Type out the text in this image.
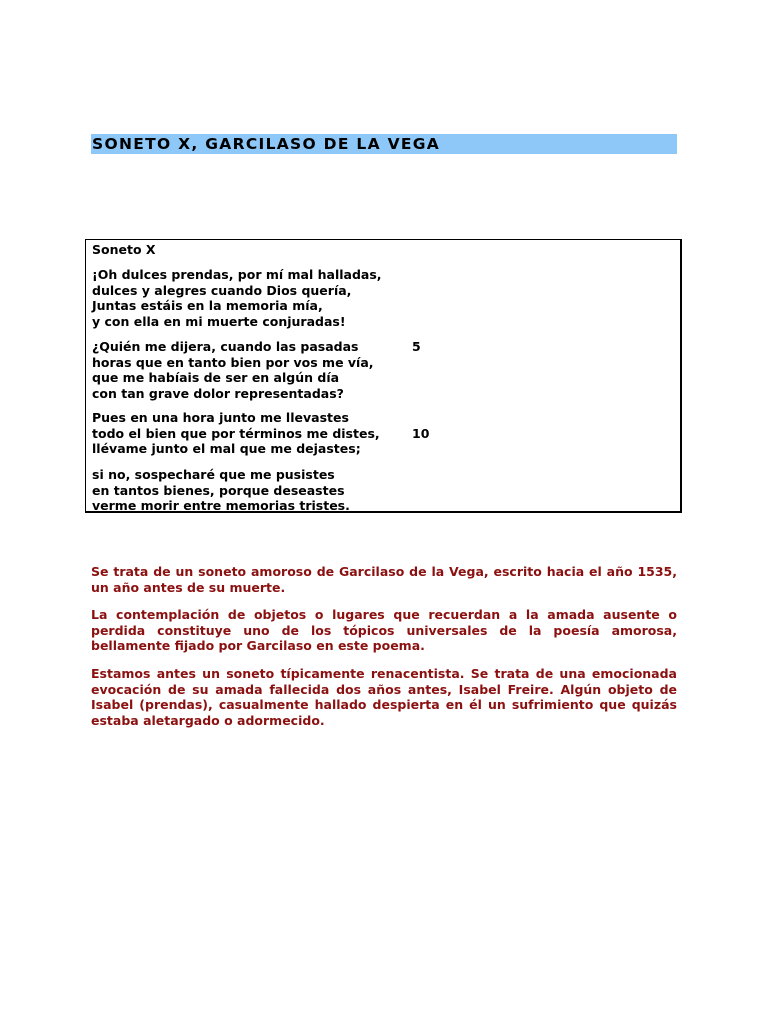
SONETO X, GARCILASO DE LA VEGA
Soneto X
¡Oh dulces prendas, por mí mal halladas,
dulces y alegres cuando Dios quería,
Juntas estáis en la memoria mía,
y con ella en mi muerte conjuradas!
¿Quién me dijera, cuando las pasadas	5
horas que en tanto bien por vos me vía,
que me habíais de ser en algún día
con tan grave dolor representadas?
Pues en una hora junto me llevastes
todo el bien que por términos me distes,	10
llévame junto el mal que me dejastes;
si no, sospecharé que me pusistes
en tantos bienes, porque deseastes
verme morir entre memorias tristes.

Se trata de un soneto amoroso de Garcilaso de la Vega, escrito hacia el año 1535, un año antes de su muerte.

La contemplación de objetos o lugares que recuerdan a la amada ausente o perdida constituye uno de los tópicos universales de la poesía amorosa, bellamente fijado por Garcilaso en este poema.

Estamos antes un soneto típicamente renacentista. Se trata de una emocionada evocación de su amada fallecida dos años antes, Isabel Freire. Algún objeto de Isabel (prendas), casualmente hallado despierta en él un sufrimiento que quizás estaba aletargado o adormecido.
